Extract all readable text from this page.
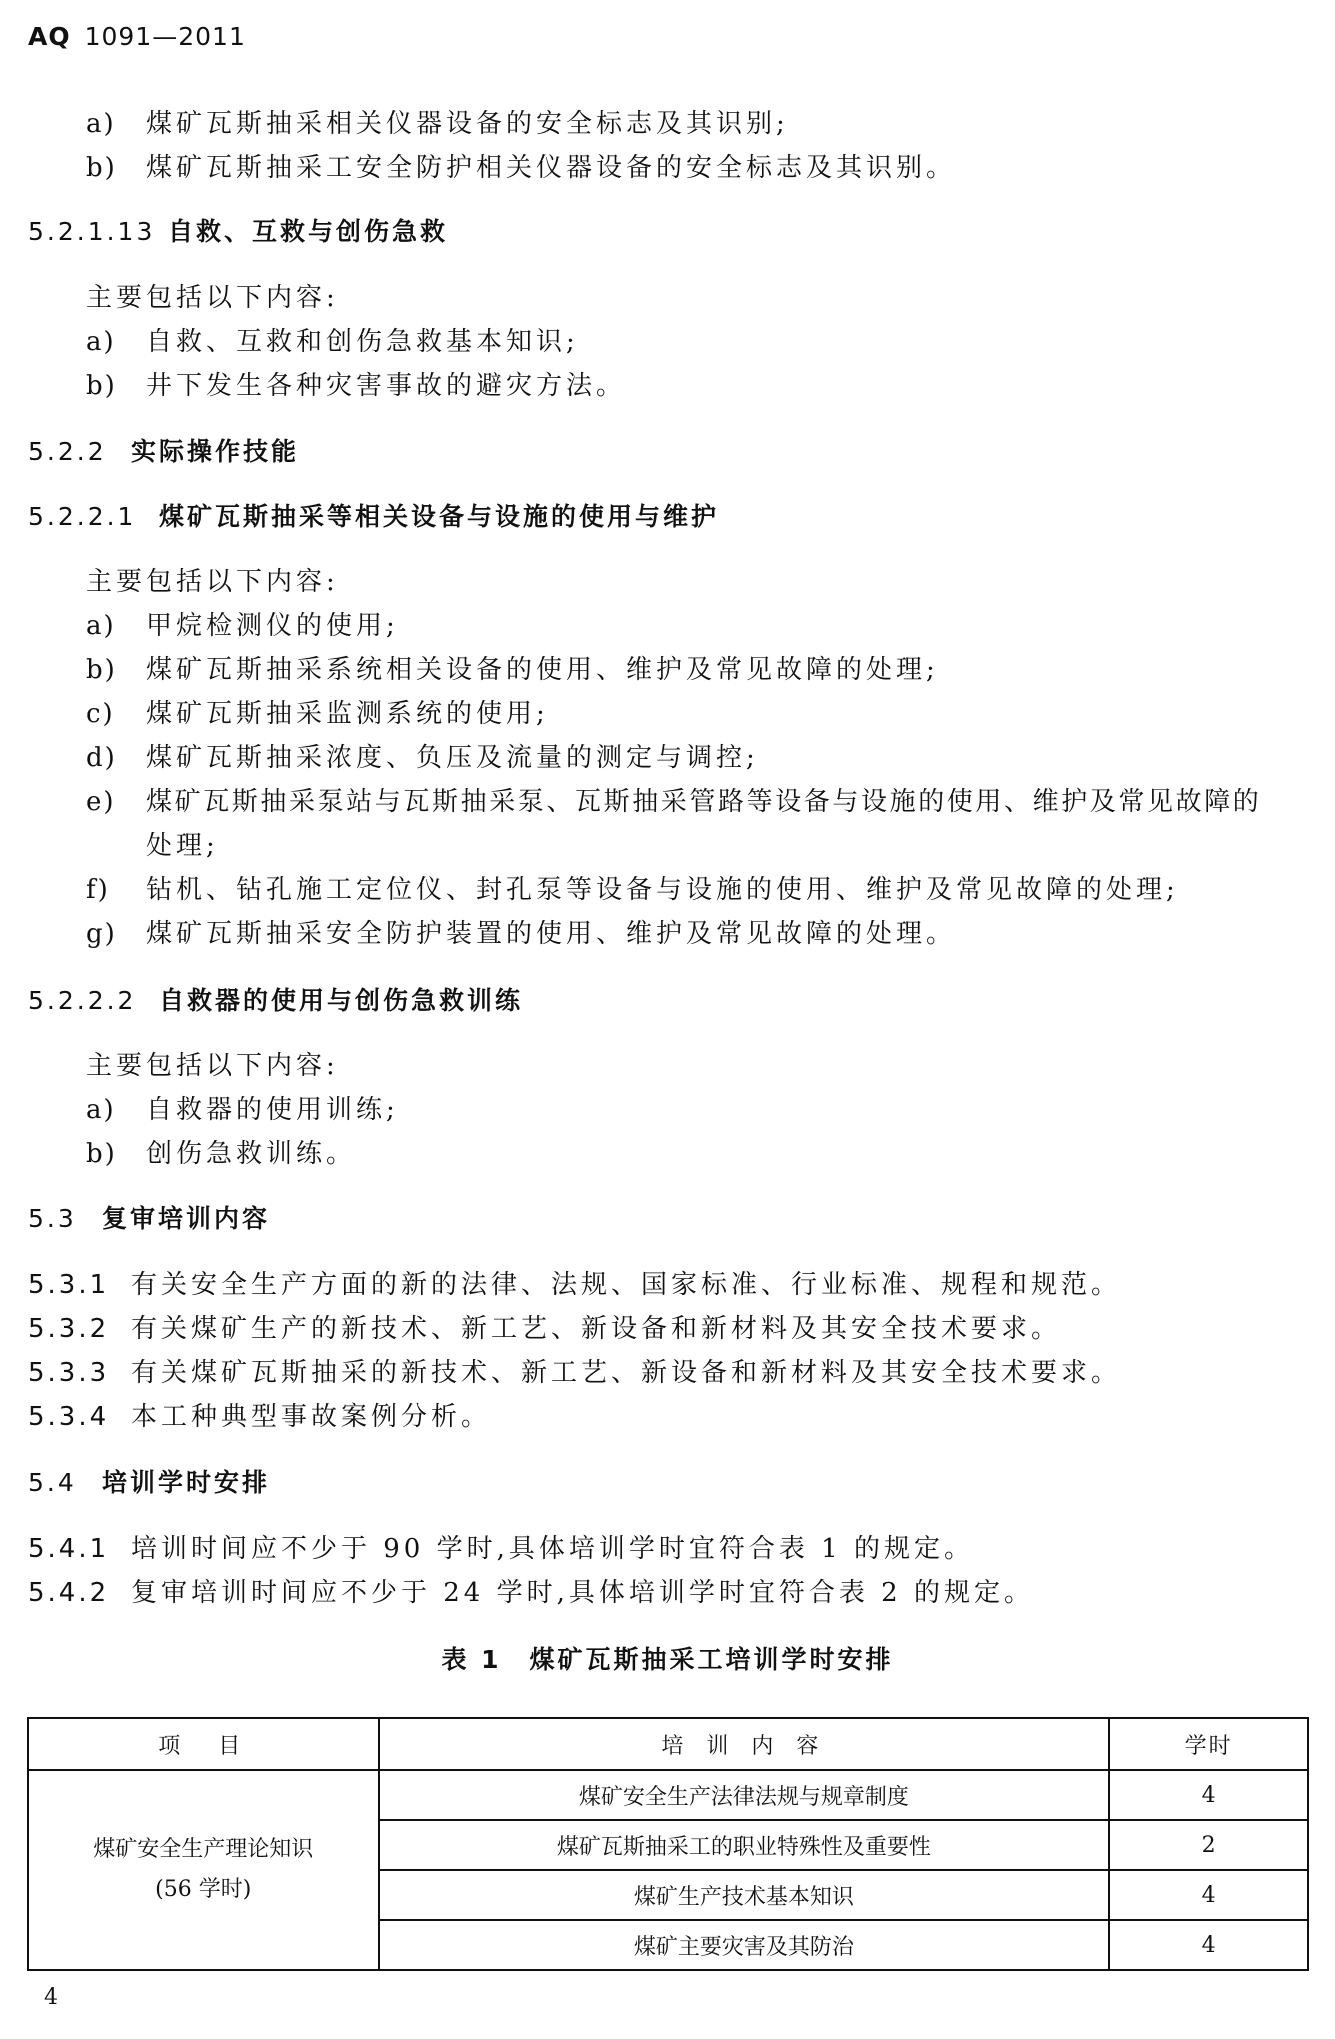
AQ 1091—2011
a) 煤矿瓦斯抽采相关仪器设备的安全标志及其识别;
b) 煤矿瓦斯抽采工安全防护相关仪器设备的安全标志及其识别。
5.2.1.13 自救、互救与创伤急救
主要包括以下内容:
a) 自救、互救和创伤急救基本知识;
b) 井下发生各种灾害事故的避灾方法。
5.2.2 实际操作技能
5.2.2.1 煤矿瓦斯抽采等相关设备与设施的使用与维护
主要包括以下内容:
a) 甲烷检测仪的使用;
b) 煤矿瓦斯抽采系统相关设备的使用、维护及常见故障的处理;
c) 煤矿瓦斯抽采监测系统的使用;
d) 煤矿瓦斯抽采浓度、负压及流量的测定与调控;
e) 煤矿瓦斯抽采泵站与瓦斯抽采泵、瓦斯抽采管路等设备与设施的使用、维护及常见故障的
处理;
f) 钻机、钻孔施工定位仪、封孔泵等设备与设施的使用、维护及常见故障的处理;
g) 煤矿瓦斯抽采安全防护装置的使用、维护及常见故障的处理。
5.2.2.2 自救器的使用与创伤急救训练
主要包括以下内容:
a) 自救器的使用训练;
b) 创伤急救训练。
5.3 复审培训内容
5.3.1 有关安全生产方面的新的法律、法规、国家标准、行业标准、规程和规范。
5.3.2 有关煤矿生产的新技术、新工艺、新设备和新材料及其安全技术要求。
5.3.3 有关煤矿瓦斯抽采的新技术、新工艺、新设备和新材料及其安全技术要求。
5.3.4 本工种典型事故案例分析。
5.4 培训学时安排
5.4.1 培训时间应不少于 90 学时,具体培训学时宜符合表 1 的规定。
5.4.2 复审培训时间应不少于 24 学时,具体培训学时宜符合表 2 的规定。
表 1　煤矿瓦斯抽采工培训学时安排
项　目	培 训 内 容	学时

煤矿安全生产理论知识
(56 学时)	煤矿安全生产法律法规与规章制度	4
	煤矿瓦斯抽采工的职业特殊性及重要性	2
	煤矿生产技术基本知识	4
	煤矿主要灾害及其防治	4
4
